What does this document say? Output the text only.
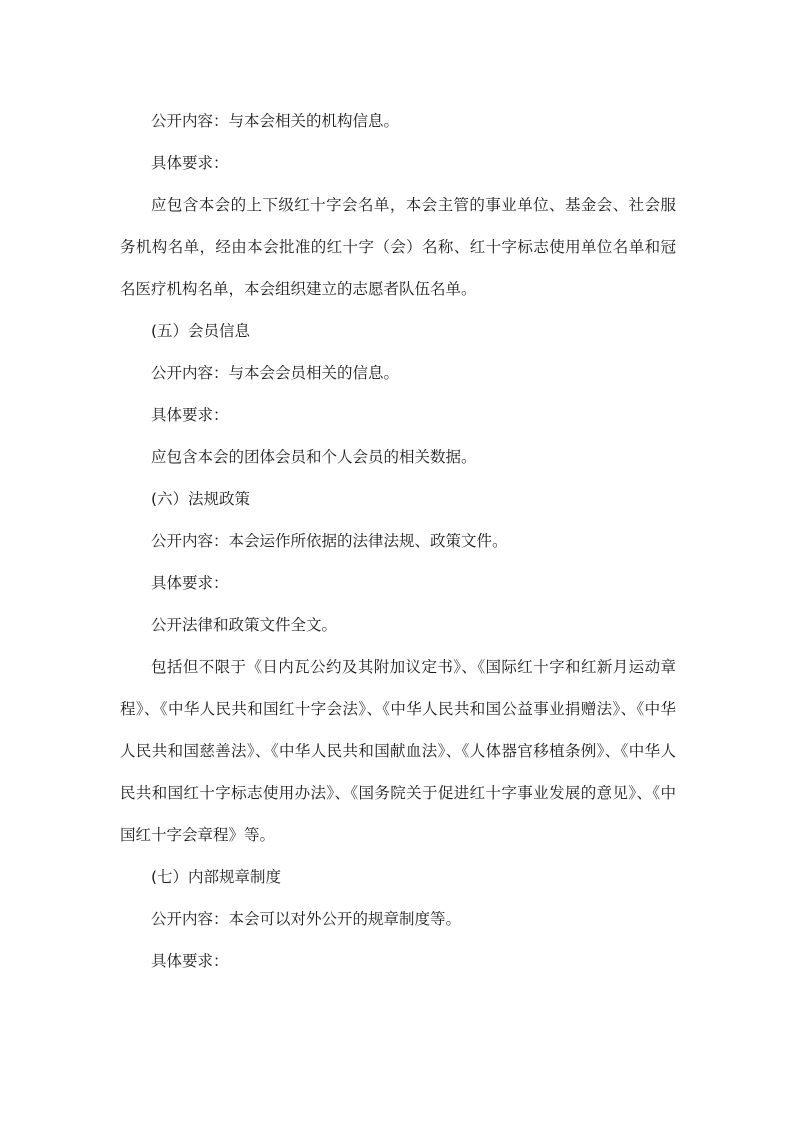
公开内容：与本会相关的机构信息。

具体要求：

应包含本会的上下级红十字会名单，本会主管的事业单位、基金会、社会服务机构名单，经由本会批准的红十字（会）名称、红十字标志使用单位名单和冠名医疗机构名单，本会组织建立的志愿者队伍名单。

(五）会员信息

公开内容：与本会会员相关的信息。

具体要求：

应包含本会的团体会员和个人会员的相关数据。

(六）法规政策

公开内容：本会运作所依据的法律法规、政策文件。

具体要求：

公开法律和政策文件全文。

包括但不限于《日内瓦公约及其附加议定书》、《国际红十字和红新月运动章程》、《中华人民共和国红十字会法》、《中华人民共和国公益事业捐赠法》、《中华人民共和国慈善法》、《中华人民共和国献血法》、《人体器官移植条例》、《中华人民共和国红十字标志使用办法》、《国务院关于促进红十字事业发展的意见》、《中国红十字会章程》等。

(七）内部规章制度

公开内容：本会可以对外公开的规章制度等。

具体要求：
